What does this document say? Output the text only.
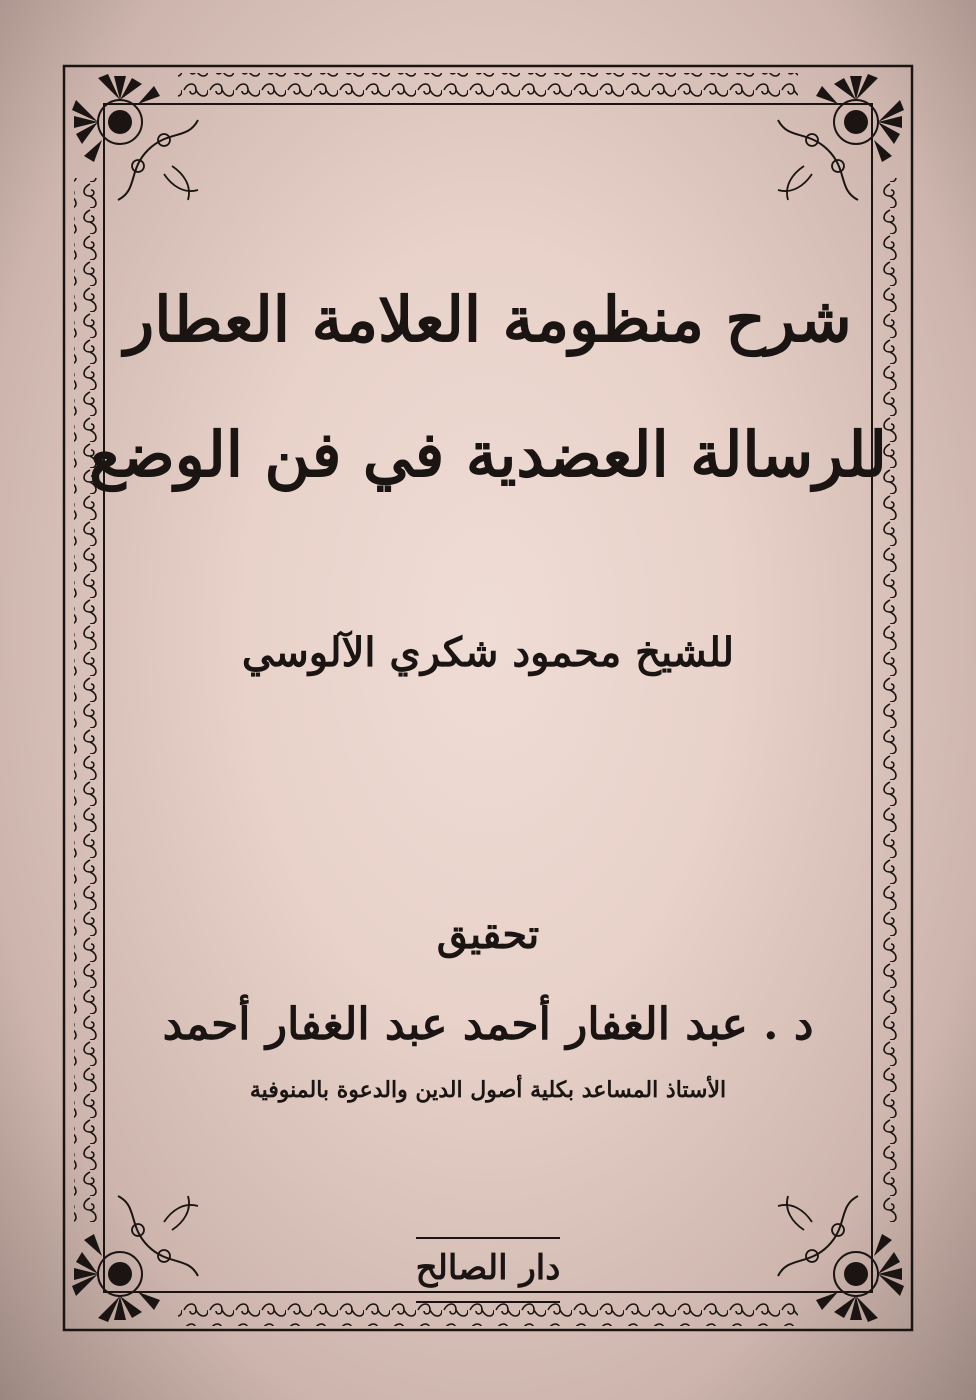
شرح منظومة العلامة العطار
للرسالة العضدية في فن الوضع
للشيخ محمود شكري الآلوسي
تحقيق
د . عبد الغفار أحمد عبد الغفار أحمد
الأستاذ المساعد بكلية أصول الدين والدعوة بالمنوفية
دار الصالح
